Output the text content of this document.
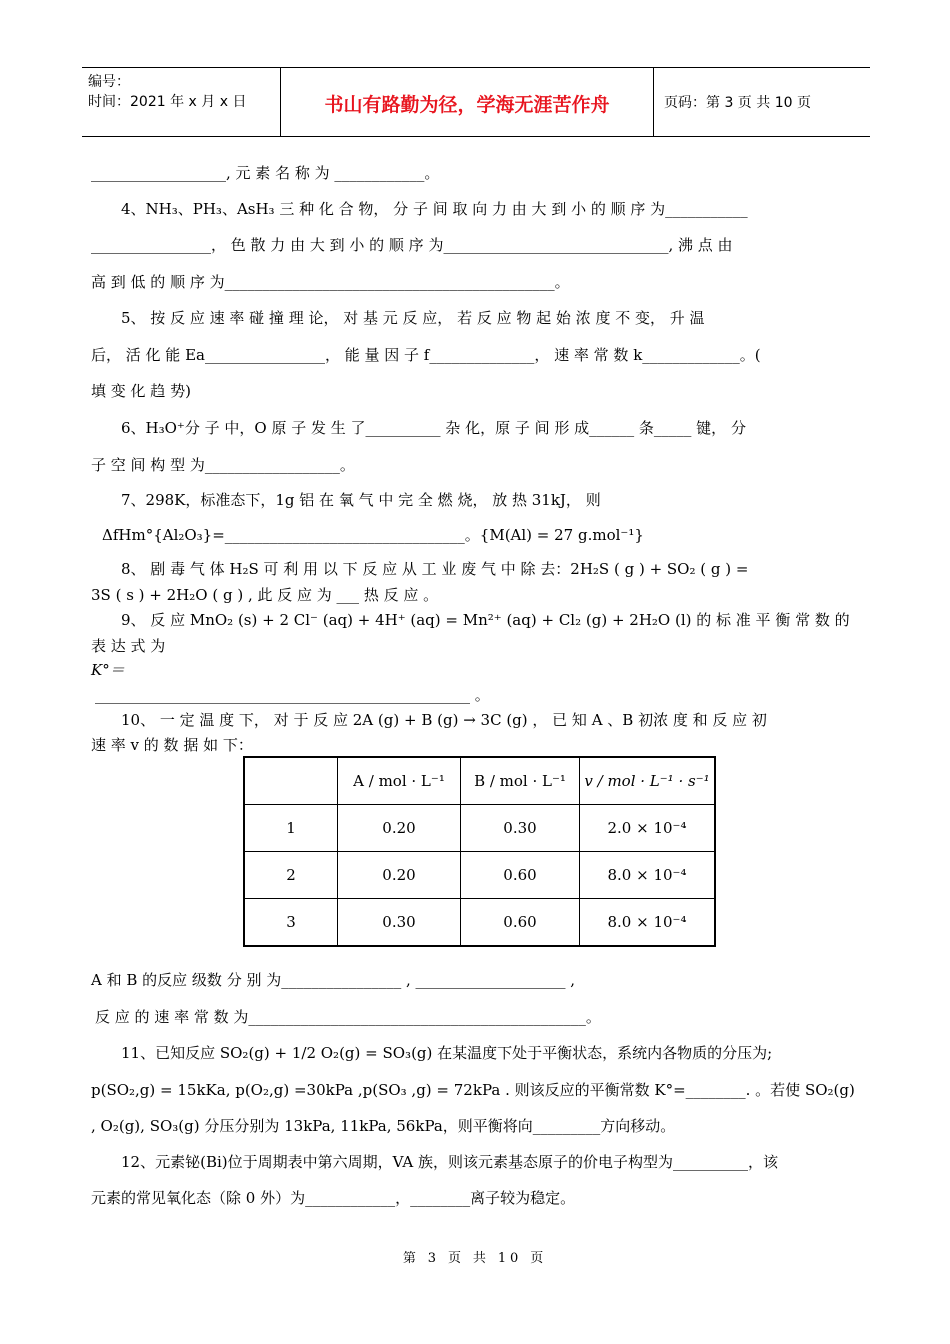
编号：
时间：2021 年 x 月 x 日	书山有路勤为径，学海无涯苦作舟	页码：第 3 页 共 10 页
__________________, 元 素 名 称 为 ____________。
4、NH₃、PH₃、AsH₃ 三 种 化 合 物， 分 子 间 取 向 力 由 大 到 小 的 顺 序 为___________
________________， 色 散 力 由 大 到 小 的 顺 序 为______________________________, 沸 点 由
高 到 低 的 顺 序 为____________________________________________。
5、 按 反 应 速 率 碰 撞 理 论， 对 基 元 反 应， 若 反 应 物 起 始 浓 度 不 变， 升 温
后， 活 化 能 Ea________________， 能 量 因 子 f______________， 速 率 常 数 k_____________。(
填 变 化 趋 势)
6、H₃O⁺分 子 中，O 原 子 发 生 了__________ 杂 化，原 子 间 形 成______ 条_____ 键， 分
子 空 间 构 型 为__________________。
7、298K，标准态下，1g 铝 在 氧 气 中 完 全 燃 烧， 放 热 31kJ， 则
ΔfHm°{Al₂O₃}=________________________________。{M(Al) = 27 g.mol⁻¹}
8、 剧 毒 气 体 H₂S 可 利 用 以 下 反 应 从 工 业 废 气 中 除 去：2H₂S ( g ) + SO₂ ( g ) =
3S ( s ) + 2H₂O ( g ) , 此 反 应 为 ___ 热 反 应 。
9、 反 应 MnO₂ (s) + 2 Cl⁻ (aq) + 4H⁺ (aq) = Mn²⁺ (aq) + Cl₂ (g) + 2H₂O (l) 的 标 准 平 衡 常 数 的
表 达 式 为
K°＝
__________________________________________________ 。
10、 一 定 温 度 下， 对 于 反 应 2A (g) + B (g) → 3C (g) ， 已 知 A 、B 初浓 度 和 反 应 初
速 率 v 的 数 据 如 下：
	A / mol · L⁻¹	B / mol · L⁻¹	v / mol · L⁻¹ · s⁻¹
1	0.20	0.30	2.0 × 10⁻⁴
2	0.20	0.60	8.0 × 10⁻⁴
3	0.30	0.60	8.0 × 10⁻⁴
A 和 B 的反应 级数 分 别 为________________ , ____________________ ,
反 应 的 速 率 常 数 为_____________________________________________。
11、已知反应 SO₂(g) + 1/2 O₂(g) = SO₃(g) 在某温度下处于平衡状态，系统内各物质的分压为;
p(SO₂,g) = 15kKa, p(O₂,g) =30kPa ,p(SO₃ ,g) = 72kPa . 则该反应的平衡常数 K°=________. 。若使 SO₂(g)
, O₂(g), SO₃(g) 分压分别为 13kPa, 11kPa, 56kPa，则平衡将向_________方向移动。
12、元素铋(Bi)位于周期表中第六周期，VA 族，则该元素基态原子的价电子构型为__________，该
元素的常见氧化态（除 0 外）为____________，________离子较为稳定。
第 3 页 共 10 页
